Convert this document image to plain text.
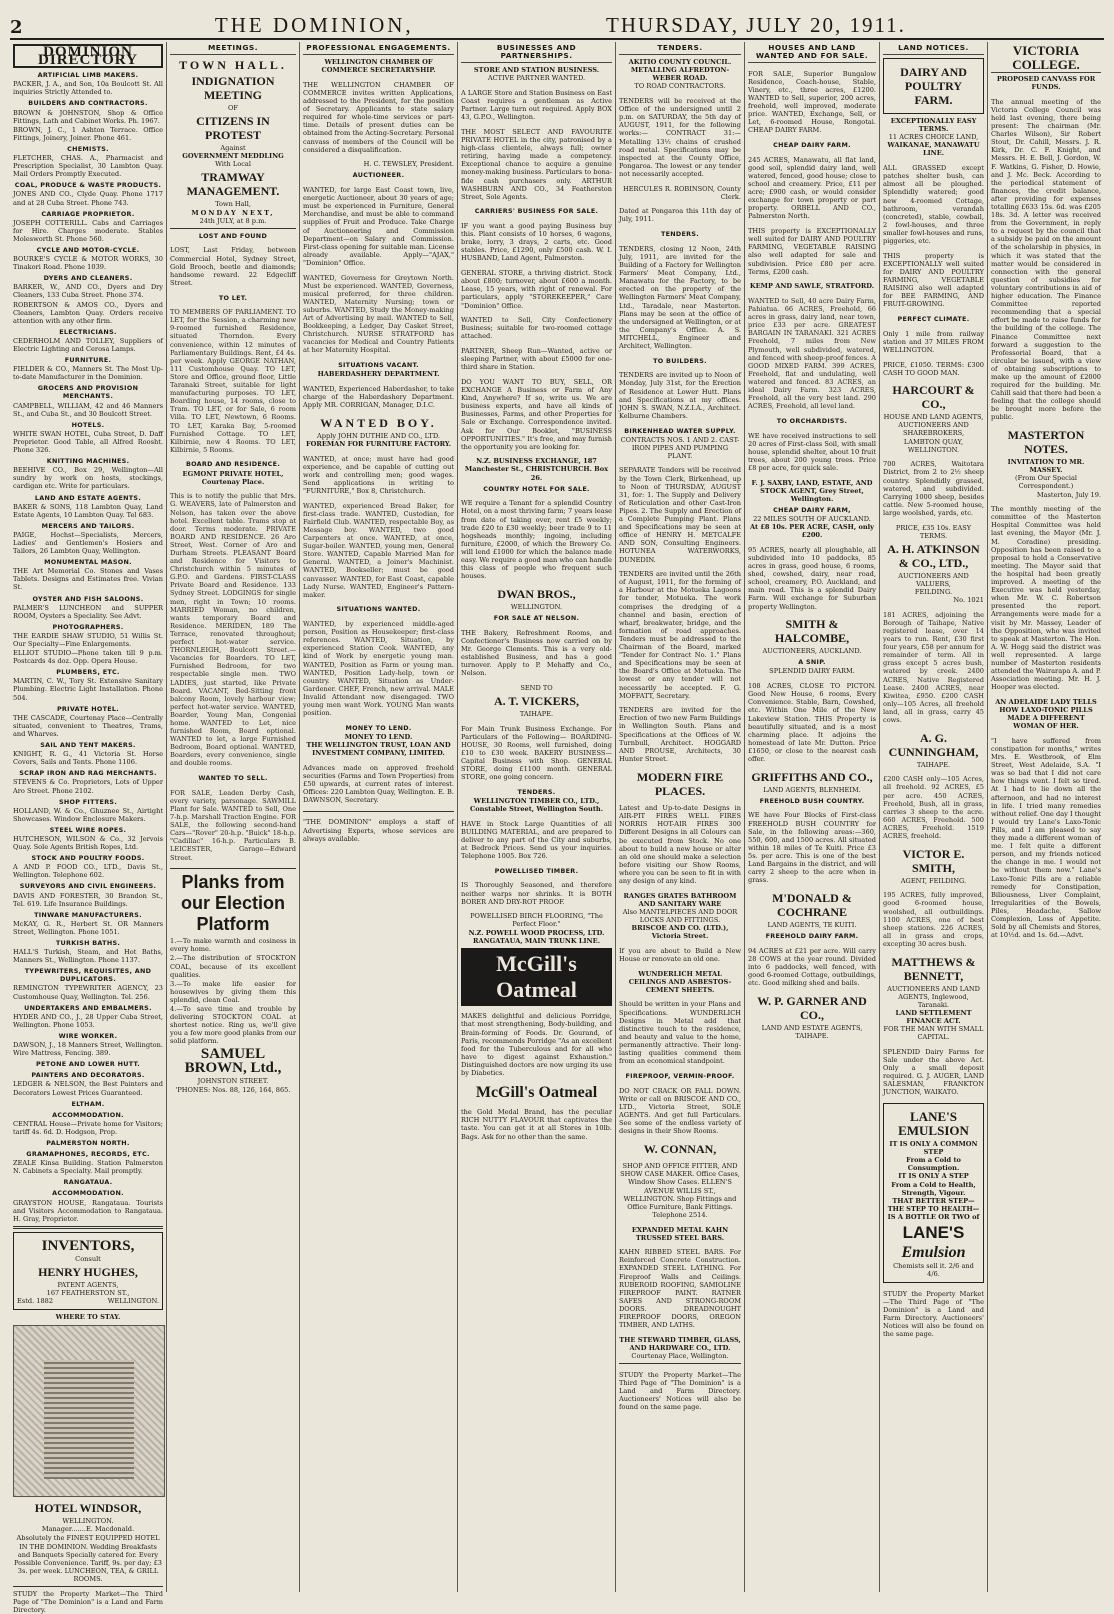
2	THE DOMINION,	THURSDAY, JULY 20, 1911.

DOMINION DIRECTORY
ARTIFICIAL LIMB MAKERS.

PACKER, J. A., and Son, 10a Boulcott St. All inquiries Strictly Attended to.

BUILDERS AND CONTRACTORS.

BROWN & JOHNSTON, Shop & Office Fittings, Lath and Cabinet Works. Ph. 1967.

BROWN, J. C., 1 Ashton Terrace. Office Fittings, Joinery, Joiner. Phone 461.

CHEMISTS.

FLETCHER, CHAS. A., Pharmacist and Prescription Specialist, 30 Lambton Quay. Mail Orders Promptly Executed.

COAL, PRODUCE & WASTE PRODUCTS.

JONES AND CO., Clyde Quay. Phone 1717 and at 28 Cuba Street. Phone 743.

CARRIAGE PROPRIETOR.

JOSEPH COTTERILL. Cabs and Carriages for Hire. Charges moderate. Stables Molesworth St. Phone 560.

CYCLE AND MOTOR-CYCLE.

BOURKE'S CYCLE & MOTOR WORKS, 30 Tinakori Road. Phone 1039.

DYERS AND CLEANERS.

BARKER, W., AND CO., Dyers and Dry Cleaners, 133 Cuba Street. Phone 374.

ROBERTSON & AMOS CO., Dyers and Cleaners, Lambton Quay. Orders receive attention with any other firm.

ELECTRICIANS.

CEDERHOLM AND TOLLEY, Suppliers of Electric Lighting and Cerosa Lamps.

FURNITURE.

FIELDER & CO., Manners St. The Most Up-to-date Manufacturer in the Dominion.

GROCERS AND PROVISION MERCHANTS.

CAMPBELL, WILLIAM, 42 and 46 Manners St., and Cuba St., and 30 Boulcott Street.

HOTELS.

WHITE SWAN HOTEL, Cuba Street, D. Daff Proprietor. Good Table, all Alfred Roosht. Phone 326.

KNITTING MACHINES.

BEEHIVE CO., Box 29, Wellington—All sundry by work on hosts, stockings, cardigan etc. Write for particulars.

LAND AND ESTATE AGENTS.

BAKER & SONS, 118 Lambton Quay, Land Estate Agents, 10 Lambton Quay. Tel 683.

MERCERS AND TAILORS.

PAIGE, Hochst—Specialists, Mercers, Ladies' and Gentlemen's Hosiers and Tailors, 26 Lambton Quay, Wellington.

MONUMENTAL MASON.

THE Art Memorial Co. Stones and Vases Tablets. Designs and Estimates free. Vivian St.

OYSTER AND FISH SALOONS.

PALMER'S LUNCHEON and SUPPER ROOM, Oysters a Speciality. See Advt.

PHOTOGRAPHERS.

THE EARDIE SHAW STUDIO, 51 Willis St. Our Specialty—Fine Enlargements.

ELLIOT STUDIO—Phone taken till 9 p.m. Postcards 4s doz. Opp. Opera House.

PLUMBERS, ETC.

MARTIN, C. W., Tory St. Extensive Sanitary Plumbing. Electric Light Installation. Phone 504.

PRIVATE HOTEL.

THE CASCADE, Courtenay Place—Centrally situated, convenient to Theatres, Trams, and Wharves.

SAIL AND TENT MAKERS.

KNIGHT, R. G., 41 Victoria St. Horse Covers, Sails and Tents. Phone 1106.

SCRAP IRON AND RAG MERCHANTS.

STEVENS & Co. Proprietors, Lots of Upper Aro Street. Phone 2102.

SHOP FITTERS.

HOLLAND, W. & Co., Ghuznee St., Airtight Showcases. Window Enclosure Makers.

STEEL WIRE ROPES.

HUTCHESON, WILSON & Co., 32 Jervois Quay. Sole Agents British Ropes, Ltd.

STOCK AND POULTRY FOODS.

A AND P. FOOD CO., LTD., Davis St., Wellington. Telephone 602.

SURVEYORS AND CIVIL ENGINEERS.

DAVIS AND FORESTER, 30 Brandon St., Tel. 619. Life Insurance Buildings.

TINWARE MANUFACTURERS.

McKAY, G. R., Herbert St. OR Manners Street, Wellington. Phone 1051.

TURKISH BATHS.

HALL'S Turkish, Steam, and Hot Baths, Manners St., Wellington. Phone 1137.

TYPEWRITERS, REQUISITES, AND DUPLICATORS.

REMINGTON TYPEWRITER AGENCY, 23 Customhouse Quay, Wellington. Tel. 256.

UNDERTAKERS AND EMBALMERS.

HYDER AND CO., J., 28 Upper Cuba Street, Wellington. Phone 1053.

WIRE WORKER.

DAWSON, J., 18 Manners Street, Wellington. Wire Mattress, Fencing. 389.

PETONE AND LOWER HUTT.
PAINTERS AND DECORATORS.

LEDGER & NELSON, the Best Painters and Decorators Lowest Prices Guaranteed.

ELTHAM.
ACCOMMODATION.

CENTRAL House—Private home for Visitors; tariff 4s. 6d. D. Hodgson, Prop.

PALMERSTON NORTH.
GRAMAPHONES, RECORDS, ETC.

ZEALE Kinsa Building. Station Palmerston N. Cabinets a Specialty. Mail promptly.

RANGATAUA.
ACCOMMODATION.

GRAYSTON HOUSE, Rangataua. Tourists and Visitors Accommodation to Rangataua. H. Gray, Proprietor.

INVENTORS,
Consult
HENRY HUGHES,
PATENT AGENTS,
167 FEATHERSTON ST.,
Estd. 1882	WELLINGTON.
WHERE TO STAY.
HOTEL WINDSOR,
WELLINGTON.
Manager.......E. Macdonald.

Absolutely the FINEST EQUIPPED HOTEL IN THE DOMINION. Wedding Breakfasts and Banquets Specially catered for. Every Possible Convenience. Tariff, 9s. per day; £3 3s. per week. LUNCHEON, TEA, & GRILL ROOMS.

STUDY the Property Market—The Third Page of "The Dominion" is a Land and Farm Directory.

MEETINGS.
TOWN HALL.
INDIGNATION MEETING
OF
CITIZENS IN PROTEST
Against
GOVERNMENT MEDDLING
With Local
TRAMWAY MANAGEMENT.
Town Hall,
MONDAY NEXT,
24th JULY, at 8 p.m.
LOST AND FOUND

LOST, Last Friday, between Commercial Hotel, Sydney Street, Gold Brooch, beetle and diamonds; handsome reward. 22 Edgecliff Street.

TO LET.

TO MEMBERS OF PARLIAMENT. TO LET, for the Session, a charming new 9-roomed furnished Residence, situated Thorndon. Every convenience, within 12 minutes of Parliamentary Buildings. Rent, £4 4s. per week. Apply GEORGE NATHAN, 111 Customhouse Quay. TO LET, Store and Office, ground floor, Little Taranaki Street, suitable for light manufacturing purposes. TO LET, Boarding house, 14 rooms, close to Tram. TO LET, or for Sale, 6 room Villa. TO LET, Newtown, 6 Rooms. TO LET, Karaka Bay, 5-roomed Furnished Cottage. TO LET, Kilbirnie, new 4 Rooms. TO LET, Kilbirnie, 5 Rooms.

BOARD AND RESIDENCE.
EGMONT PRIVATE HOTEL, Courtenay Place.

This is to notify the public that Mrs. G. WEAVERS, late of Palmerston and Nelson, has taken over the above hotel. Excellent table. Trams stop at door. Terms moderate. PRIVATE BOARD AND RESIDENCE. 26 Aro Street, West. Corner of Aro and Durham Streets. PLEASANT Board and Residence for Visitors to Christchurch within 5 minutes of G.P.O. and Gardens. FIRST-CLASS Private Board and Residence. 133 Sydney Street. LODGINGS for single men, right in Town; 10 rooms. MARRIED Woman, no children, wants temporary Board and Residence. MERIDEN, 189 The Terrace, renovated throughout; perfect hot-water service. THORNLEIGH, Boulcott Street.—Vacancies for Boarders. TO LET, Furnished Bedroom, for two respectable single men. TWO LADIES, just started, like Private Board. VACANT, Bed-Sitting front balcony Room, lovely harbour view; perfect hot-water service. WANTED, Boarder, Young Man, Congenial home. WANTED to Let, nice furnished Room, Board optional. WANTED to let, a large Furnished Bedroom, Board optional. WANTED, Boarders, every convenience, single and double rooms.

WANTED TO SELL.

FOR SALE, Leaden Derby Cash, every variety, parsonage. SAWMILL Plant for Sale. WANTED to Sell, One 7-h.p. Marshall Traction Engine. FOR SALE, the following second-hand Cars—"Rover" 20-h.p. "Buick" 18-h.p. "Cadillac" 16-h.p. Particulars B. LEICESTER, Garage—Edward Street.

Planks from our Election Platform

1.—To make warmth and cosiness in every home.

2.—The distribution of STOCKTON COAL, because of its excellent qualities.

3.—To make life easier for housewives by giving them this splendid, clean Coal.

4.—To save time and trouble by delivering STOCKTON COAL at shortest notice. Ring us, we'll give you a few more good planks from our solid platform.

SAMUEL BROWN, Ltd.,
JOHNSTON STREET.
'PHONES: Nos. 88, 126, 164, 865.
PROFESSIONAL ENGAGEMENTS.
WELLINGTON CHAMBER OF COMMERCE SECRETARYSHIP.

THE WELLINGTON CHAMBER OF COMMERCE invites written Applications, addressed to the President, for the position of Secretary. Applicants to state salary required for whole-time services or part-time. Details of present duties can be obtained from the Acting-Secretary. Personal canvass of members of the Council will be considered a disqualification.

H. C. TEWSLEY, President.
AUCTIONEER.

WANTED, for large East Coast town, live, energetic Auctioneer, about 30 years of age; must be experienced in Furniture, General Merchandise, and must be able to command supplies of Fruit and Produce. Take Charge of Auctioneering and Commission Department—on Salary and Commission. First-class opening for suitable man. License already available. Apply—"AJAX," "Dominion" Office.

WANTED, Governess for Greytown North. Must be experienced. WANTED, Governess, musical preferred, for three children. WANTED, Maternity Nursing; town or suburbs. WANTED, Study the Money-making Art of Advertising by mail. WANTED to Sell, Bookkeeping, a Ledger, Day Casket Street, Christchurch. NURSE STRATFORD has vacancies for Medical and Country Patients at her Maternity Hospital.

SITUATIONS VACANT.
HABERDASHERY DEPARTMENT.

WANTED, Experienced Haberdasher, to take charge of the Haberdashery Department. Apply MR. CORRIGAN, Manager, D.I.C.

WANTED BOY.
Apply JOHN DUTHIE AND CO., LTD.
FOREMAN FOR FURNITURE FACTORY.

WANTED, at once; must have had good experience, and be capable of cutting out work and controlling men; good wages. Send applications in writing to "FURNITURE," Box 8, Christchurch.

WANTED, experienced Bread Baker, for first-class trade. WANTED, Custodian, for Fairfield Club. WANTED, respectable Boy, as Message boy. WANTED, two good Carpenters at once. WANTED, at once, Sugar-boiler. WANTED, young men, General Store. WANTED, Capable Married Man for General. WANTED, a Joiner's Machinist. WANTED, Bookseller; must be good canvasser. WANTED, for East Coast, capable Lady Nurse. WANTED, Engineer's Pattern-maker.

SITUATIONS WANTED.

WANTED, by experienced middle-aged person, Position as Housekeeper; first-class references. WANTED, Situation, by experienced Station Cook. WANTED, any kind of Work by energetic young man. WANTED, Position as Farm or young man. WANTED, Position Lady-help, town or country. WANTED, Situation as Under-Gardener. CHEF, French, new arrival. MALE Invalid Attendant now disengaged. TWO young men want Work. YOUNG Man wants position.

MONEY TO LEND.
MONEY TO LEND.
THE WELLINGTON TRUST, LOAN AND INVESTMENT COMPANY, LIMITED.

Advances made on approved freehold securities (Farms and Town Properties) from £50 upwards, at current rates of interest. Offices: 220 Lambton Quay, Wellington. E. B. DAWNSON, Secretary.

"THE DOMINION" employs a staff of Advertising Experts, whose services are always available.

BUSINESSES AND PARTNERSHIPS.
STORE AND STATION BUSINESS.
ACTIVE PARTNER WANTED.

A LARGE Store and Station Business on East Coast requires a gentleman as Active Partner. Large turn out required. Apply BOX 43, G.P.O., Wellington.

THE MOST SELECT AND FAVOURITE PRIVATE HOTEL in the city, patronised by a high-class clientele, always full; owner retiring, having made a competency. Exceptional chance to acquire a genuine money-making business. Particulars to bona-fide cash purchasers only. ARTHUR WASHBURN AND CO., 34 Featherston Street, Sole Agents.

CARRIERS' BUSINESS FOR SALE.

IF you want a good paying Business buy this. Plant consists of 10 horses, 6 wagons, brake, lorry, 3 drays, 2 carts, etc. Good stables. Price, £1290, only £500 cash. W. I. HUSBAND, Land Agent, Palmerston.

GENERAL STORE, a thriving district. Stock about £800; turnover, about £600 a month. Lease, 15 years, with right of renewal. For particulars, apply "STOREKEEPER," Care "Dominion" Office.

WANTED to Sell, City Confectionery Business; suitable for two-roomed cottage attached.

PARTNER, Sheep Run—Wanted, active or sleeping Partner, with about £5000 for one-third share in Station.

DO YOU WANT TO BUY, SELL, OR EXCHANGE A Business or Farm of Any Kind, Anywhere? If so, write us. We are business experts, and have all kinds of Businesses, Farms, and other Properties for Sale or Exchange. Correspondence invited. Ask for Our Booklet, "BUSINESS OPPORTUNITIES." It's free, and may furnish the opportunity you are looking for.

N.Z. BUSINESS EXCHANGE, 187 Manchester St., CHRISTCHURCH. Box 26.
COUNTRY HOTEL FOR SALE.

WE require a Tenant for a splendid Country Hotel, on a most thriving farm; 7 years lease from date of taking over, rent £5 weekly; trade £20 to £30 weekly; beer trade 9 to 11 hogsheads monthly; ingoing, including furniture, £2000, of which the Brewery Co. will lend £1000 for which the balance made easy. We require a good man who can handle this class of people who frequent such houses.

DWAN BROS.,
WELLINGTON.
FOR SALE AT NELSON.

THE Bakery, Refreshment Rooms, and Confectioner's Business now carried on by Mr. George Clements. This is a very old-established Business, and has a good turnover. Apply to P. Mehaffy and Co., Nelson.

SEND TO
A. T. VICKERS,
TAIHAPE.

For Main Trunk Business Exchange. For Particulars of the Following— BOARDING-HOUSE, 30 Rooms, well furnished, doing £10 to £30 week. BAKERY BUSINESS—Capital Business with Shop. GENERAL STORE, doing £1100 month. GENERAL STORE, one going concern.

TENDERS.
WELLINGTON TIMBER CO., LTD., Constable Street, Wellington South.

HAVE in Stock Large Quantities of all BUILDING MATERIAL, and are prepared to deliver to any part of the City and suburbs, at Bedrock Prices. Send us your inquiries. Telephone 1005. Box 726.

POWELLISED TIMBER.

IS Thoroughly Seasoned, and therefore neither warps nor shrinks. It is BOTH BORER AND DRY-ROT PROOF.

POWELLISED BIRCH FLOORING, "The Perfect Floor."
N.Z. POWELL WOOD PROCESS, LTD.
RANGATAUA, MAIN TRUNK LINE.
McGill's Oatmeal

MAKES delightful and delicious Porridge, that most strengthening, Body-building, and Brain-forming of Foods. Dr. Gourand, of Paris, recommends Porridge "As an excellent food for the Tuberculous and for all who have to digest against Exhaustion." Distinguished doctors are now urging its use by Diabetics.

McGill's Oatmeal

the Gold Medal Brand, has the peculiar RICH NUTTY FLAVOUR that captivates the taste. You can get it at all Stores in 10lb. Bags. Ask for no other than the same.

TENDERS.
AKITIO COUNTY COUNCIL. METALLING ALFREDTON-WEBER ROAD.
TO ROAD CONTRACTORS.

TENDERS will be received at the Office of the undersigned until 2 p.m. on SATURDAY, the 5th day of AUGUST, 1911, for the following works:— CONTRACT 31:—Metalling 13½ chains of crushed road metal. Specifications may be inspected at the County Office, Pongaroa. The lowest or any tender not necessarily accepted.

HERCULES R. ROBINSON, County Clerk.

Dated at Pongaroa this 11th day of July, 1911.

TENDERS.

TENDERS, closing 12 Noon, 24th July, 1911, are invited for the Building of a Factory for Wellington Farmers' Meat Company, Ltd., Manawatu for the Factory, to be erected on the property of the Wellington Farmers' Meat Company, Ltd., Taradale, near Masterton. Plans may be seen at the office of the undersigned at Wellington, or at the Company's Office. A. S. MITCHELL, Engineer and Architect, Wellington.

TO BUILDERS.

TENDERS are invited up to Noon of Monday, July 31st, for the Erection of Residence at Lower Hutt. Plans and Specifications at my offices. JOHN S. SWAN, N.Z.I.A., Architect. Kelburne Chambers.

BIRKENHEAD WATER SUPPLY.
CONTRACTS NOS. 1 AND 2. CAST-IRON PIPES AND PUMPING PLANT.

SEPARATE Tenders will be received by the Town Clerk, Birkenhead, up to Noon of THURSDAY, AUGUST 31, for: 1. The Supply and Delivery of Reticulation and other Cast-Iron Pipes. 2. The Supply and Erection of a Complete Pumping Plant. Plans and Specifications may be seen at office of HENRY H. METCALFE AND SON, Consulting Engineers. HOTUNEA WATERWORKS, DUNEDIN.

TENDERS are invited until the 26th of August, 1911, for the forming of a Harbour at the Motueka Lagoons for tender, Motueka. The work comprises the dredging of a channel and basin, erection of wharf, breakwater, bridge, and the formation of road approaches. Tenders must be addressed to the Chairman of the Board, marked "Tender for Contract No. 1." Plans and Specifications may be seen at the Board's Office at Motueka. The lowest or any tender will not necessarily be accepted. F. G. MOFFATT, Secretary.

TENDERS are invited for the Erection of two new Farm Buildings in Wellington South. Plans and Specifications at the Offices of W. Turnbull, Architect. HOGGARD AND PROUSE, Architects, 30 Hunter Street.

MODERN FIRE PLACES.

Latest and Up-to-date Designs in AIR-PIT FIRES WELL FIRES NORRIS HOT-AIR FIRES 300 Different Designs in all Colours can be executed from Stock. No one about to build a new house or alter an old one should make a selection before visiting our Show Rooms, where you can be seen to fit in with any design of any kind.

RANGES GRATES BATHROOM AND SANITARY WARE
Also MANTELPIECES AND DOOR LOCKS AND FITTINGS.
BRISCOE AND CO. (LTD.), Victoria Street.

If you are about to Build a New House or renovate an old one.

WUNDERLICH METAL CEILINGS AND ASBESTOS-CEMENT SHEETS.

Should be written in your Plans and Specifications. WUNDERLICH Designs in Metal add that distinctive touch to the residence, and beauty and value to the home, permanently attractive. Their long-lasting qualities commend them from an economical standpoint.

FIREPROOF, VERMIN-PROOF.

DO NOT CRACK OR FALL DOWN. Write or call on BRISCOE AND CO., LTD., Victoria Street, SOLE AGENTS. And get full Particulars. See some of the endless variety of designs in their Show Rooms.

W. CONNAN,

SHOP AND OFFICE FITTER, AND SHOW CASE MAKER. Office Cases, Window Show Cases. ELLEN'S AVENUE WILLIS ST., WELLINGTON. Shop Fittings and Office Furniture, Bank Fittings. Telephone 2514.

EXPANDED METAL KAHN TRUSSED STEEL BARS.

KAHN RIBBED STEEL BARS. For Reinforced Concrete Construction. EXPANDED STEEL LATHING. For Fireproof Walls and Ceilings. RUBEROID ROOFING, SAMIOLINE FIREPROOF PAINT. RATNER SAFES AND STRONG-ROOM DOORS. DREADNOUGHT FIREPROOF DOORS, OREGON TIMBER, AND LATHS.

THE STEWARD TIMBER, GLASS, AND HARDWARE CO., LTD.
Courtenay Place, Wellington.

STUDY the Property Market—The Third Page of "The Dominion" is a Land and Farm Directory. Auctioneers' Notices will also be found on the same page.

HOUSES AND LAND WANTED AND FOR SALE.

FOR SALE, Superior Bungalow Residence, Coach-house, Stable, Vinery, etc., three acres, £1200. WANTED to Sell, superior, 200 acres, freehold, well improved, moderate price. WANTED, Exchange, Sell, or Let, 6-roomed House, Rongotai. CHEAP DAIRY FARM.

CHEAP DAIRY FARM.

245 ACRES, Manawatu, all flat land, good soil, splendid dairy land, well watered, fenced, good house; close to school and creamery. Price, £11 per acre; £900 cash, or would consider exchange for town property or part property. ORBELL AND CO., Palmerston North.

THIS property is EXCEPTIONALLY well suited for DAIRY AND POULTRY FARMING, VEGETABLE RAISING also well adapted for sale and subdivision. Price £80 per acre. Terms, £200 cash.

KEMP AND SAWLE, STRATFORD.

WANTED to Sell, 40 acre Dairy Farm, Pahiatua. 66 ACRES, Freehold, 66 acres in grass, dairy land, near town, price £33 per acre. GREATEST BARGAIN IN TARANAKI. 321 ACRES Freehold, 7 miles from New Plymouth, well subdivided, watered, and fenced with sheep-proof fences. A GOOD MIXED FARM. 399 ACRES, Freehold, flat and undulating, well watered and fenced. 83 ACRES, an ideal Dairy Farm. 323 ACRES, Freehold, all the very best land. 290 ACRES, Freehold, all level land.

TO ORCHARDISTS.

WE have received instructions to sell 20 acres of First-class Soil, with small house, splendid shelter, about 10 fruit trees, about 200 young trees. Price £8 per acre, for quick sale.

F. J. SAXBY, LAND, ESTATE, AND STOCK AGENT, Grey Street, Wellington.
CHEAP DAIRY FARM,
22 MILES SOUTH OF AUCKLAND.
At £8 10s. PER ACRE, CASH, only £200.

95 ACRES, nearly all ploughable, all subdivided into 10 paddocks, 85 acres in grass, good house, 6 rooms, shed, cowshed, dairy, near road, school, creamery, P.O. Auckland, and main road. This is a splendid Dairy Farm. Will exchange for Suburban property Wellington.

SMITH & HALCOMBE,
AUCTIONEERS, AUCKLAND.
A SNIP.
SPLENDID DAIRY FARM.

108 ACRES, CLOSE TO PICTON. Good New House, 6 rooms, Every Convenience. Stable, Barn, Cowshed, etc. Within One Mile of the New Lakeview Station. THIS Property is beautifully situated, and is a most charming place. It adjoins the homestead of late Mr. Dutton. Price £1650, or close to the nearest cash offer.

GRIFFITHS AND CO.,
LAND AGENTS, BLENHEIM.
FREEHOLD BUSH COUNTRY.

WE have Four Blocks of First-class FREEHOLD BUSH COUNTRY for Sale, in the following areas:—360, 550, 600, and 1500 acres. All situated within 18 miles of Te Kuiti. Price £3 5s. per acre. This is one of the best Land Bargains in the district, and will carry 2 sheep to the acre when in grass.

M'DONALD & COCHRANE
LAND AGENTS, TE KUITI.
FREEHOLD DAIRY FARM.

94 ACRES at £21 per acre. Will carry 28 COWS at the year round. Divided into 6 paddocks, well fenced, with good 6-roomed Cottage, outbuildings, etc. Good milking shed and bails.

W. P. GARNER AND CO.,
LAND AND ESTATE AGENTS, TAIHAPE.
LAND NOTICES.
DAIRY AND POULTRY FARM.
EXCEPTIONALLY EASY TERMS.
11 ACRES CHOICE LAND,
WAIKANAE, MANAWATU LINE.

ALL GRASSED except patches shelter bush, can almost all be ploughed. Splendidly watered; good new 4-roomed Cottage, bathroom, verandah (concreted), stable, cowbail, 2 fowl-houses, and three smaller fowl-houses and runs, piggeries, etc.

THIS property is EXCEPTIONALLY well suited for DAIRY AND POULTRY FARMING, VEGETABLE RAISING also well adapted for BEE FARMING, AND FRUIT-GROWING.

PERFECT CLIMATE.

Only 1 mile from railway station and 37 MILES FROM WELLINGTON.

PRICE, £1050. TERMS: £300 CASH TO GOOD MAN.

HARCOURT & CO.,
HOUSE AND LAND AGENTS, AUCTIONEERS AND SHAREBROKERS,
LAMBTON QUAY, WELLINGTON.

700 ACRES, Waitotara District, from 2 to 2½ sheep country. Splendidly grassed, watered, and subdivided. Carrying 1000 sheep, besides cattle. New 5-roomed house, large woolshed, yards, etc.

PRICE, £35 10s. EASY TERMS.
A. H. ATKINSON & CO., LTD.,
AUCTIONEERS AND VALUERS,
FEILDING.
No. 1021

181 ACRES, adjoining the Borough of Taihape, Native registered lease, over 14 years to run. Rent, £30 first four years, £58 per annum for remainder of term. All in grass except 5 acres bush, watered by creek. 2400 ACRES, Native Registered Lease. 2400 ACRES, near Kiwitea, £950. £200 CASH only—105 Acres, all freehold land, all in grass, carry 45 cows.

A. G. CUNNINGHAM,
TAIHAPE.

£200 CASH only—105 Acres, all freehold. 92 ACRES, £5 per acre. 450 ACRES, Freehold, Bush, all in grass, carries 3 sheep to the acre. 660 ACRES, Freehold. 500 ACRES, Freehold. 1519 ACRES, freehold.

VICTOR E. SMITH,
AGENT, FEILDING.

195 ACRES, fully improved, good 6-roomed house, woolshed, all outbuildings. 1100 ACRES, one of best sheep stations. 226 ACRES, all in grass and crops, excepting 30 acres bush.

MATTHEWS & BENNETT,
AUCTIONEERS AND LAND AGENTS, Inglewood, Taranaki.
LAND SETTLEMENT FINANCE ACT.
FOR THE MAN WITH SMALL CAPITAL.

SPLENDID Dairy Farms for Sale under the above Act. Only a small deposit required. G. J. AUGER, LAND SALESMAN, FRANKTON JUNCTION, WAIKATO.

LANE'S EMULSION
IT IS ONLY A COMMON STEP
From a Cold to
Consumption.
IT IS ONLY A STEP
From a Cold to Health,
Strength, Vigour.
THAT BETTER STEP—
THE STEP TO HEALTH—
IS A BOTTLE OR TWO of
LANE'S
Emulsion
Chemists sell it. 2/6 and 4/6.

STUDY the Property Market—The Third Page of "The Dominion" is a Land and Farm Directory. Auctioneers' Notices will also be found on the same page.

VICTORIA COLLEGE.
PROPOSED CANVASS FOR FUNDS.

The annual meeting of the Victoria College Council was held last evening, there being present: The chairman (Mr. Charles Wilson), Sir Robert Stout, Dr. Cahill, Messrs. J. R. Kirk, Dr. C. F. Knight, and Messrs. H. E. Bell, J. Gordon, W. F. Watkins, G. Fisher, D. Howie, and J. Mc. Beck. According to the periodical statement of finances, the credit balance, after providing for expenses totalling £633 15s. 6d. was £205 18s. 3d. A letter was received from the Government, in reply to a request by the council that a subsidy be paid on the amount of the scholarship in physics, in which it was stated that the matter would be considered in connection with the general question of subsidies for voluntary contributions in aid of higher education. The Finance Committee reported recommending that a special effort be made to raise funds for the building of the college. The Finance Committee next forward a suggestion to the Professorial Board, that a circular be issued, with a view of obtaining subscriptions to make up the amount of £2000 required for the building. Mr. Cahill said that there had been a feeling that the college should be brought more before the public.

MASTERTON NOTES.
INVITATION TO MR. MASSEY.
(From Our Special Correspondent.)
Masterton, July 19.

The monthly meeting of the committee of the Masterton Hospital Committee was held last evening, the Mayor (Mr. J. M. Coradine) presiding. Opposition has been raised to a proposal to hold a Conservative meeting. The Mayor said that the hospital had been greatly improved. A meeting of the Executive was held yesterday, when Mr. W. C. Robertson presented the report. Arrangements were made for a visit by Mr. Massey, Leader of the Opposition, who was invited to speak at Masterton. The Hon. A. W. Hogg said the district was well represented. A large number of Masterton residents attended the Wairarapa A. and P. Association meeting. Mr. H. J. Hooper was elected.

AN ADELAIDE LADY TELLS HOW LAXO-TONIC PILLS MADE A DIFFERENT WOMAN OF HER.

"I have suffered from constipation for months," writes Mrs. E. Westbrook, of Elm Street, West Adelaide, S.A. "I was so bad that I did not care how things went. I felt so tired. At 1 had to lie down all the afternoon, and had no interest in life. I tried many remedies without relief. One day I thought I would try Lane's Laxo-Tonic Pills, and I am pleased to say they made a different woman of me. I felt quite a different person, and my friends noticed the change in me. I would not be without them now." Lane's Laxo-Tonic Pills are a reliable remedy for Constipation, Biliousness, Liver Complaint, Irregularities of the Bowels, Piles, Headache, Sallow Complexion, Loss of Appetite. Sold by all Chemists and Stores, at 10½d. and 1s. 6d.—Advt.
